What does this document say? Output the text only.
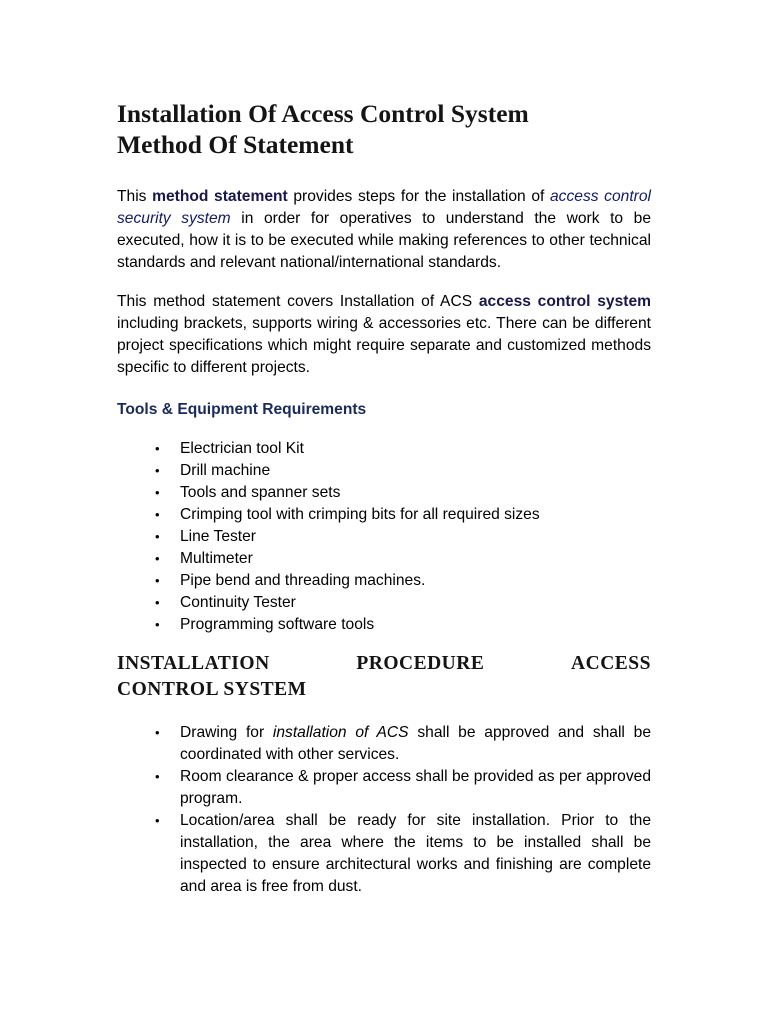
Installation Of Access Control System
Method Of Statement

This method statement provides steps for the installation of access control security system in order for operatives to understand the work to be executed, how it is to be executed while making references to other technical standards and relevant national/international standards.

This method statement covers Installation of ACS access control system including brackets, supports wiring & accessories etc. There can be different project specifications which might require separate and customized methods specific to different projects.

Tools & Equipment Requirements
• Electrician tool Kit
• Drill machine
• Tools and spanner sets
• Crimping tool with crimping bits for all required sizes
• Line Tester
• Multimeter
• Pipe bend and threading machines.
• Continuity Tester
• Programming software tools
INSTALLATION	PROCEDURE	ACCESS
CONTROL SYSTEM
• Drawing for installation of ACS shall be approved and shall be coordinated with other services.
• Room clearance & proper access shall be provided as per approved program.
• Location/area shall be ready for site installation. Prior to the installation, the area where the items to be installed shall be inspected to ensure architectural works and finishing are complete and area is free from dust.
